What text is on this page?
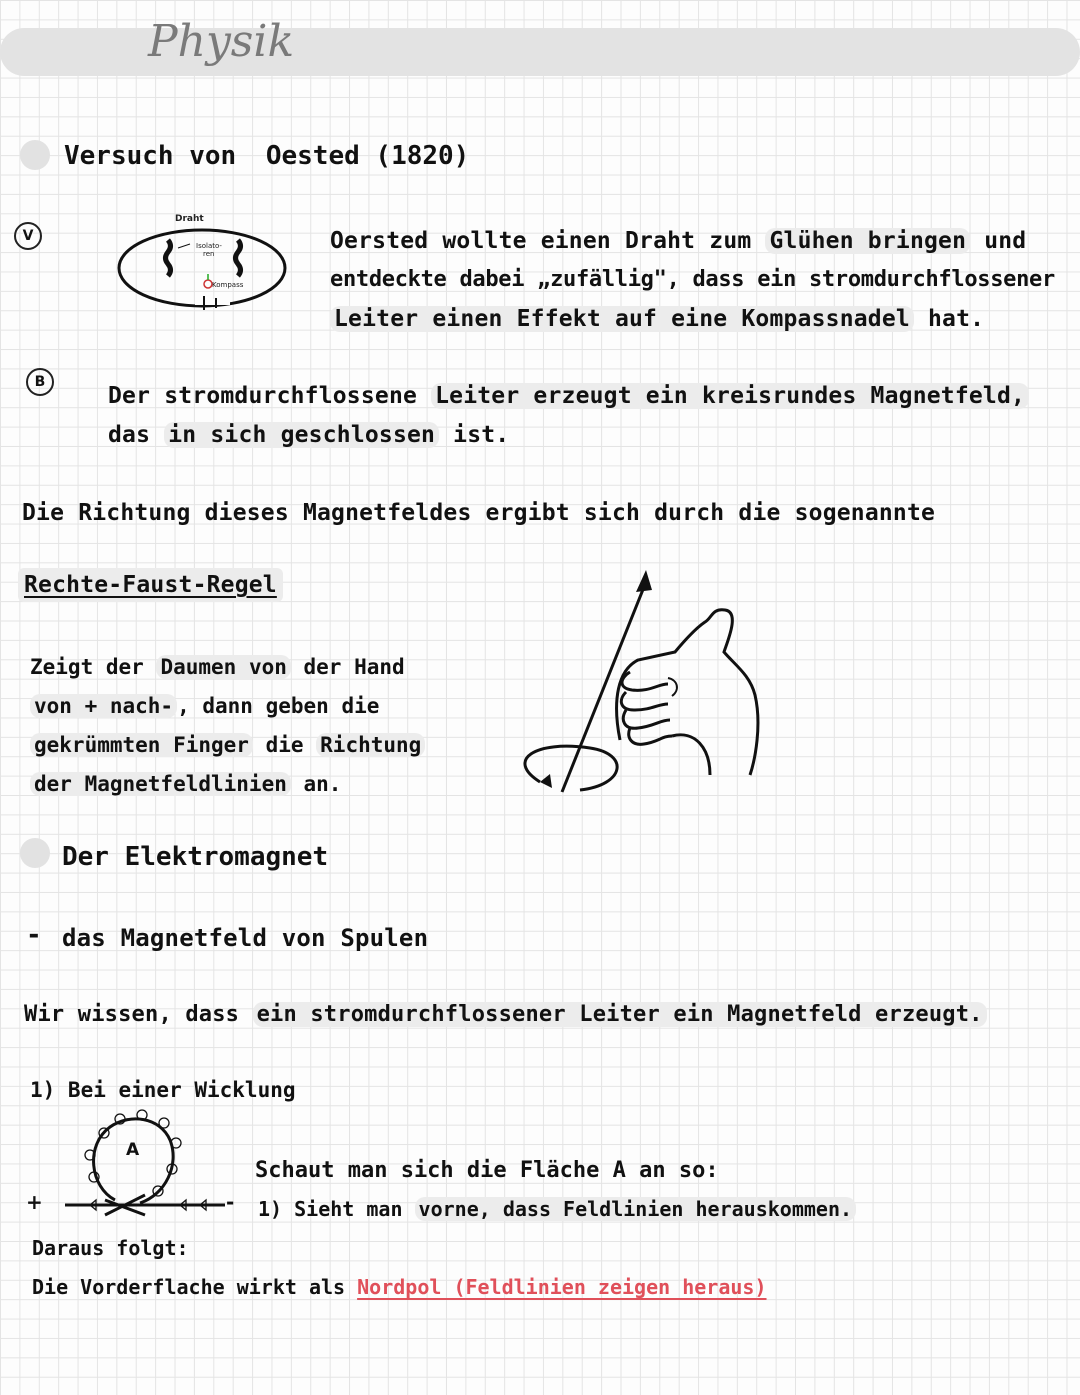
Physik
Versuch von Oested (1820)
V
Draht
Isolato-
ren
Kompass
Oersted wollte einen Draht zum Glühen bringen und
entdeckte dabei „zufällig", dass ein stromdurchflossener
Leiter einen Effekt auf eine Kompassnadel hat.
B
Der stromdurchflossene Leiter erzeugt ein kreisrundes Magnetfeld,
das in sich geschlossen ist.
Die Richtung dieses Magnetfeldes ergibt sich durch die sogenannte
Rechte-Faust-Regel
Zeigt der Daumen von der Hand
von + nach- , dann geben die
gekrümmten Finger die Richtung
der Magnetfeldlinien an.
Der Elektromagnet
- das Magnetfeld von Spulen
Wir wissen, dass ein stromdurchflossener Leiter ein Magnetfeld erzeugt.
1) Bei einer Wicklung
A
+	-
Schaut man sich die Fläche A an so:
1) Sieht man vorne, dass Feldlinien herauskommen.
Daraus folgt:
Die Vorderflache wirkt als Nordpol (Feldlinien zeigen heraus)
